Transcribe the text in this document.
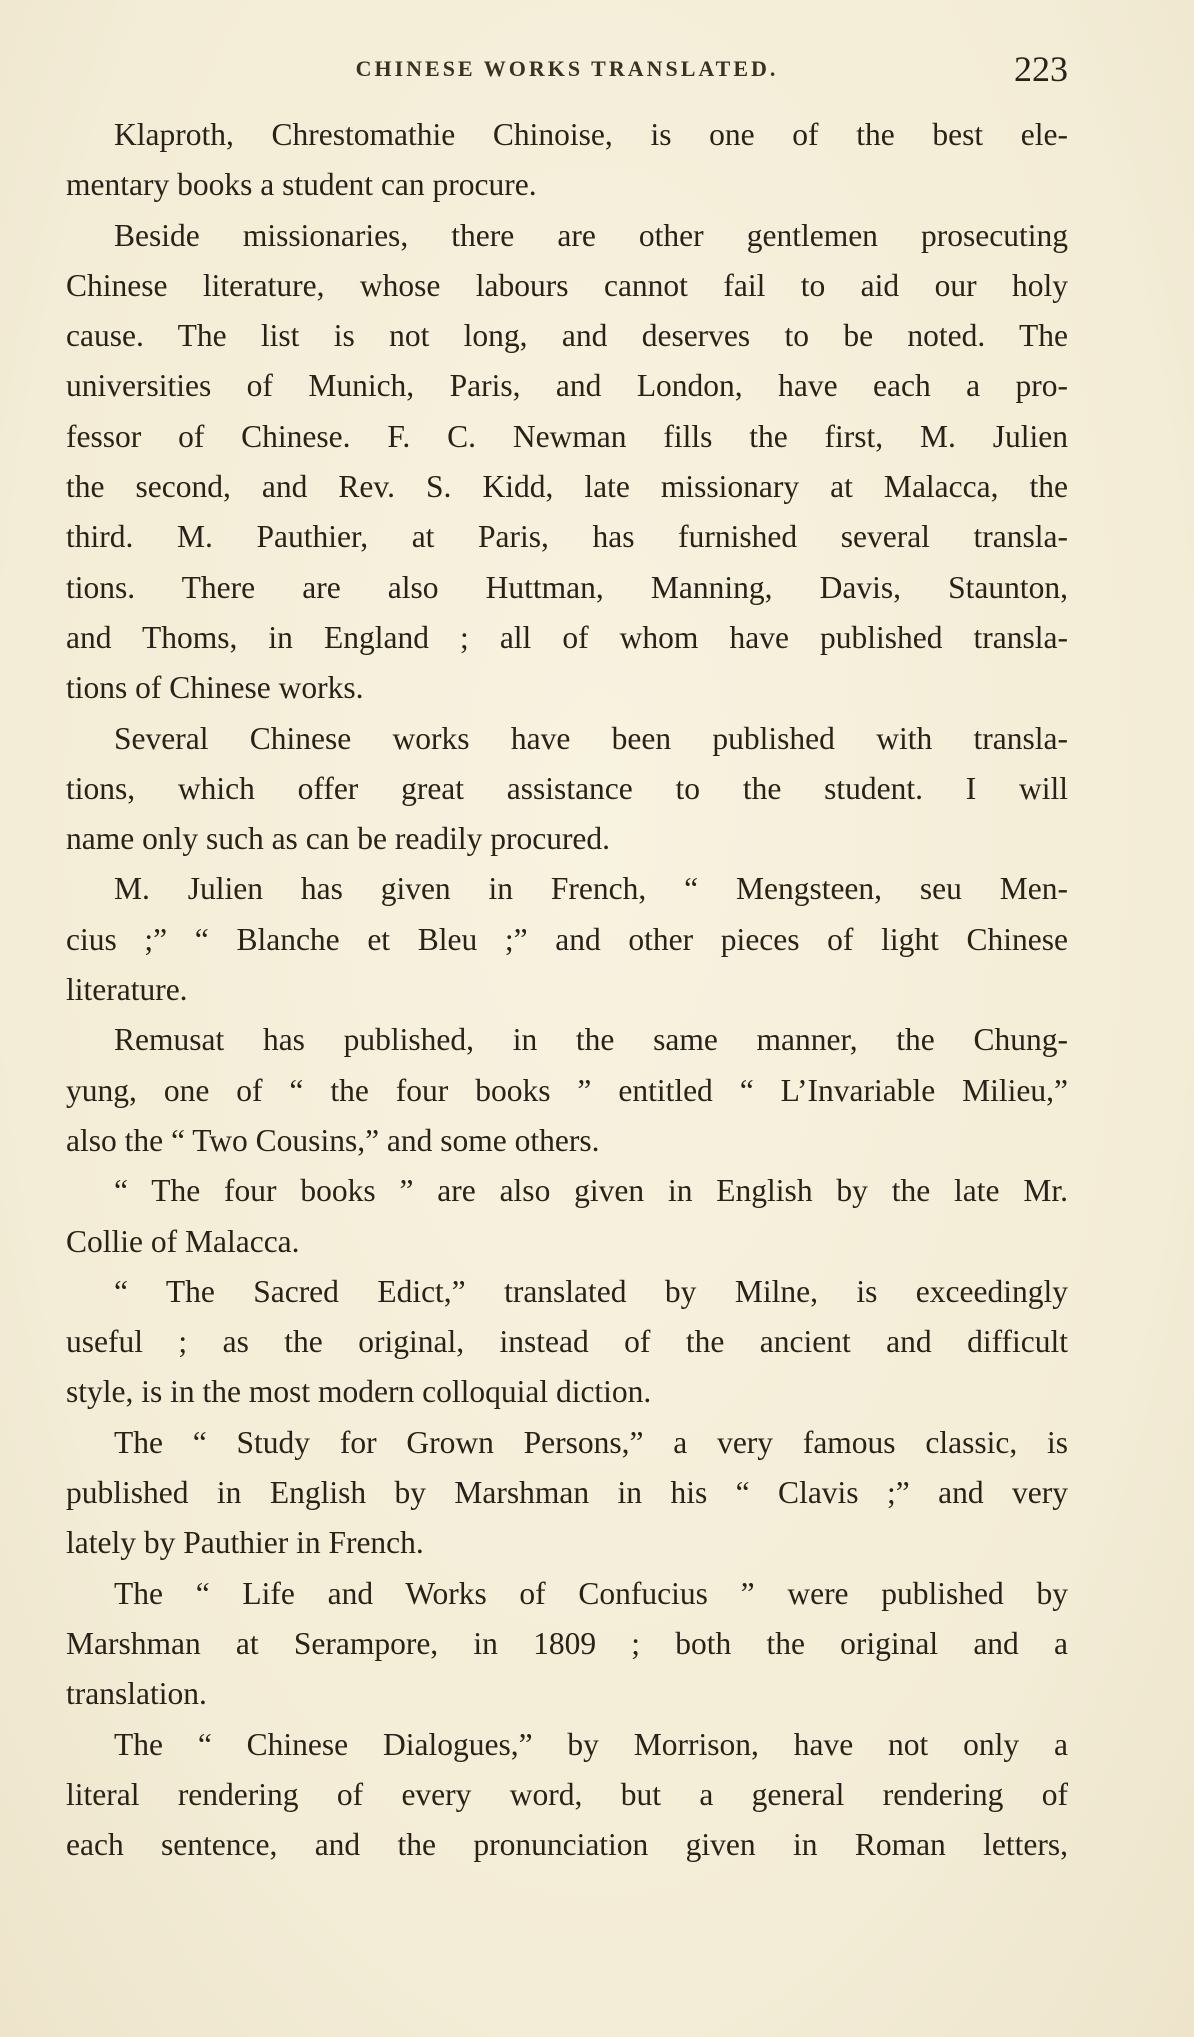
CHINESE WORKS TRANSLATED.	223
Klaproth, Chrestomathie Chinoise, is one of the best ele-
mentary books a student can procure.
Beside missionaries, there are other gentlemen prosecuting
Chinese literature, whose labours cannot fail to aid our holy
cause. The list is not long, and deserves to be noted. The
universities of Munich, Paris, and London, have each a pro-
fessor of Chinese. F. C. Newman fills the first, M. Julien
the second, and Rev. S. Kidd, late missionary at Malacca, the
third. M. Pauthier, at Paris, has furnished several transla-
tions. There are also Huttman, Manning, Davis, Staunton,
and Thoms, in England ; all of whom have published transla-
tions of Chinese works.
Several Chinese works have been published with transla-
tions, which offer great assistance to the student. I will
name only such as can be readily procured.
M. Julien has given in French, “ Mengsteen, seu Men-
cius ;” “ Blanche et Bleu ;” and other pieces of light Chinese
literature.
Remusat has published, in the same manner, the Chung-
yung, one of “ the four books ” entitled “ L’Invariable Milieu,”
also the “ Two Cousins,” and some others.
“ The four books ” are also given in English by the late Mr.
Collie of Malacca.
“ The Sacred Edict,” translated by Milne, is exceedingly
useful ; as the original, instead of the ancient and difficult
style, is in the most modern colloquial diction.
The “ Study for Grown Persons,” a very famous classic, is
published in English by Marshman in his “ Clavis ;” and very
lately by Pauthier in French.
The “ Life and Works of Confucius ” were published by
Marshman at Serampore, in 1809 ; both the original and a
translation.
The “ Chinese Dialogues,” by Morrison, have not only a
literal rendering of every word, but a general rendering of
each sentence, and the pronunciation given in Roman letters,
